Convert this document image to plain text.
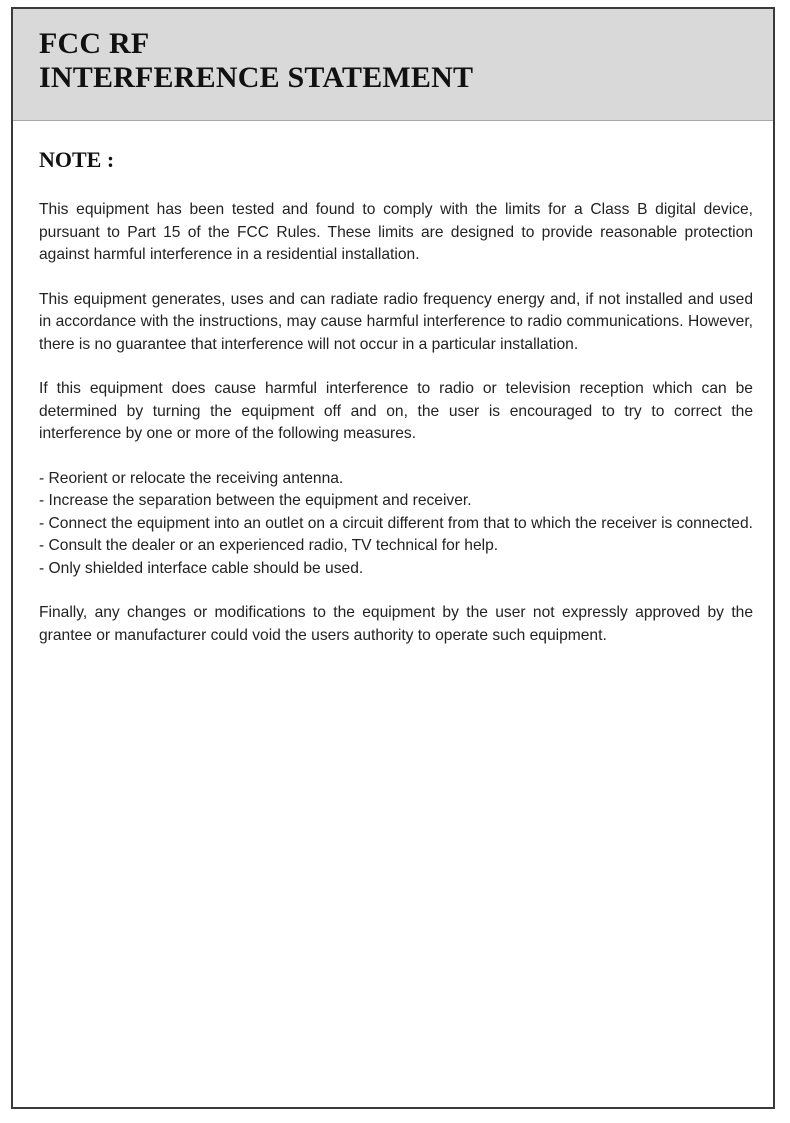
FCC RF
INTERFERENCE STATEMENT
NOTE :

This equipment has been tested and found to comply with the limits for a Class B digital device, pursuant to Part 15 of the FCC Rules. These limits are designed to provide reasonable protection against harmful interference in a residential installation.

This equipment generates, uses and can radiate radio frequency energy and, if not installed and used in accordance with the instructions, may cause harmful interference to radio communications. However, there is no guarantee that interference will not occur in a particular installation.

If this equipment does cause harmful interference to radio or television reception which can be determined by turning the equipment off and on, the user is encouraged to try to correct the interference by one or more of the following measures.

- Reorient or relocate the receiving antenna.
- Increase the separation between the equipment and receiver.
- Connect the equipment into an outlet on a circuit different from that to which the receiver is connected.
- Consult the dealer or an experienced radio, TV technical for help.
- Only shielded interface cable should be used.

Finally, any changes or modifications to the equipment by the user not expressly approved by the grantee or manufacturer could void the users authority to operate such equipment.
